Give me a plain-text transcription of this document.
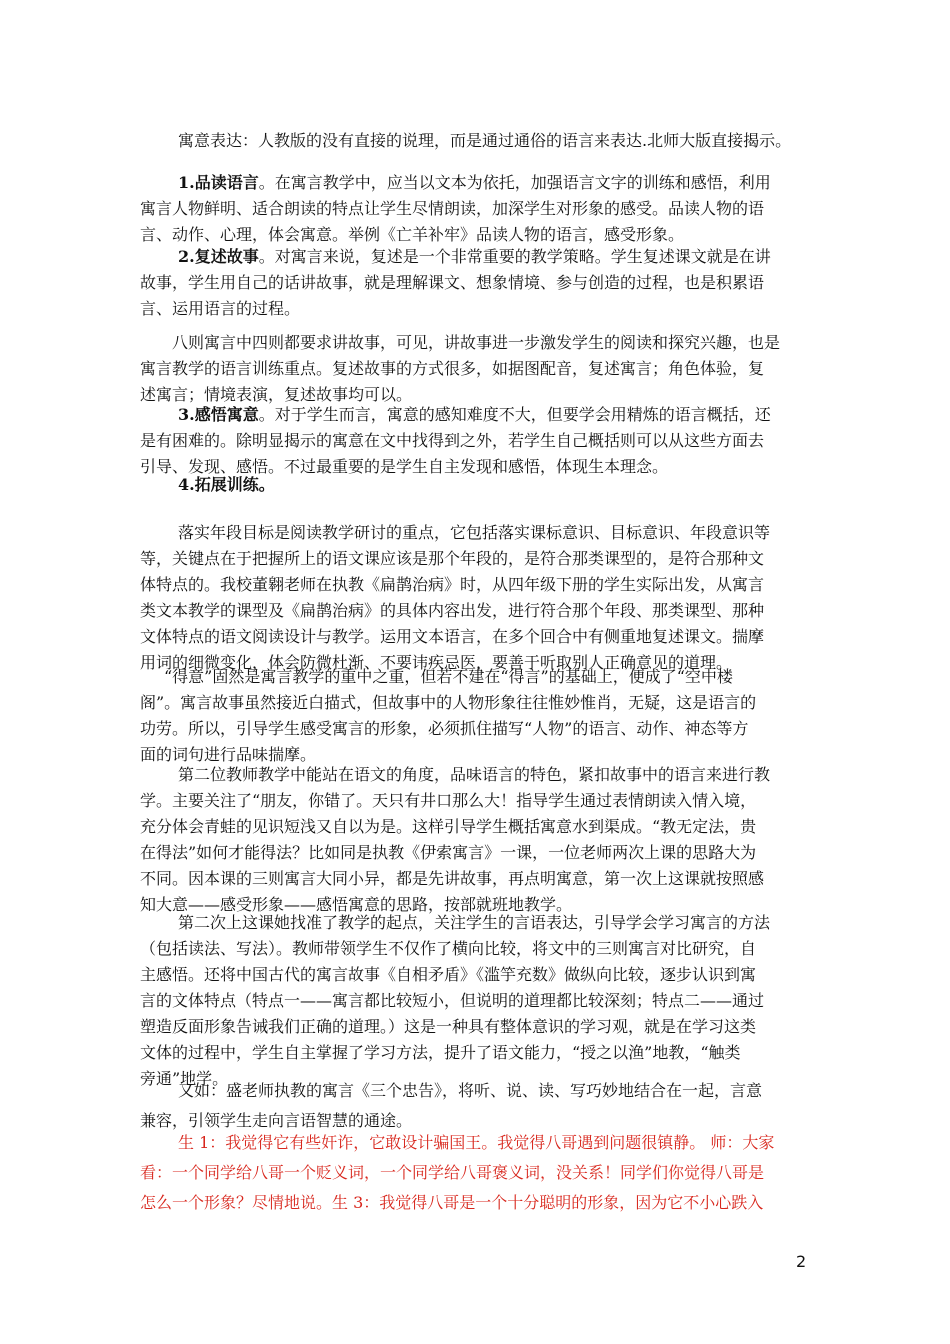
寓意表达：人教版的没有直接的说理，而是通过通俗的语言来表达.北师大版直接揭示。
1.品读语言。在寓言教学中，应当以文本为依托，加强语言文字的训练和感悟，利用
寓言人物鲜明、适合朗读的特点让学生尽情朗读，加深学生对形象的感受。品读人物的语
言、动作、心理，体会寓意。举例《亡羊补牢》品读人物的语言，感受形象。
2.复述故事。对寓言来说，复述是一个非常重要的教学策略。学生复述课文就是在讲
故事，学生用自己的话讲故事，就是理解课文、想象情境、参与创造的过程，也是积累语
言、运用语言的过程。
八则寓言中四则都要求讲故事，可见，讲故事进一步激发学生的阅读和探究兴趣，也是
寓言教学的语言训练重点。复述故事的方式很多，如据图配音，复述寓言；角色体验，复
述寓言；情境表演，复述故事均可以。
3.感悟寓意。对于学生而言，寓意的感知难度不大，但要学会用精炼的语言概括，还
是有困难的。除明显揭示的寓意在文中找得到之外，若学生自己概括则可以从这些方面去
引导、发现、感悟。不过最重要的是学生自主发现和感悟，体现生本理念。
4.拓展训练。
落实年段目标是阅读教学研讨的重点，它包括落实课标意识、目标意识、年段意识等
等，关键点在于把握所上的语文课应该是那个年段的，是符合那类课型的，是符合那种文
体特点的。我校董翱老师在执教《扁鹊治病》时，从四年级下册的学生实际出发，从寓言
类文本教学的课型及《扁鹊治病》的具体内容出发，进行符合那个年段、那类课型、那种
文体特点的语文阅读设计与教学。运用文本语言，在多个回合中有侧重地复述课文。揣摩
用词的细微变化，体会防微杜渐、不要讳疾忌医，要善于听取别人正确意见的道理。
“得意”固然是寓言教学的重中之重，但若不建在“得言”的基础上，便成了“空中楼
阁”。寓言故事虽然接近白描式，但故事中的人物形象往往惟妙惟肖，无疑，这是语言的
功劳。所以，引导学生感受寓言的形象，必须抓住描写“人物”的语言、动作、神态等方
面的词句进行品味揣摩。
第二位教师教学中能站在语文的角度，品味语言的特色，紧扣故事中的语言来进行教
学。主要关注了“朋友，你错了。天只有井口那么大！指导学生通过表情朗读入情入境，
充分体会青蛙的见识短浅又自以为是。这样引导学生概括寓意水到渠成。“教无定法，贵
在得法”如何才能得法？比如同是执教《伊索寓言》一课，一位老师两次上课的思路大为
不同。因本课的三则寓言大同小异，都是先讲故事，再点明寓意，第一次上这课就按照感
知大意——感受形象——感悟寓意的思路，按部就班地教学。
第二次上这课她找准了教学的起点，关注学生的言语表达，引导学会学习寓言的方法
（包括读法、写法）。教师带领学生不仅作了横向比较，将文中的三则寓言对比研究，自
主感悟。还将中国古代的寓言故事《自相矛盾》《滥竽充数》做纵向比较，逐步认识到寓
言的文体特点（特点一——寓言都比较短小，但说明的道理都比较深刻；特点二——通过
塑造反面形象告诫我们正确的道理。）这是一种具有整体意识的学习观，就是在学习这类
文体的过程中，学生自主掌握了学习方法，提升了语文能力，“授之以渔”地教，“触类
旁通”地学。
又如：盛老师执教的寓言《三个忠告》，将听、说、读、写巧妙地结合在一起，言意
兼容，引领学生走向言语智慧的通途。
生 1：我觉得它有些奸诈，它敢设计骗国王。我觉得八哥遇到问题很镇静。 师：大家
看：一个同学给八哥一个贬义词，一个同学给八哥褒义词，没关系！同学们你觉得八哥是
怎么一个形象？尽情地说。生 3：我觉得八哥是一个十分聪明的形象，因为它不小心跌入
2
